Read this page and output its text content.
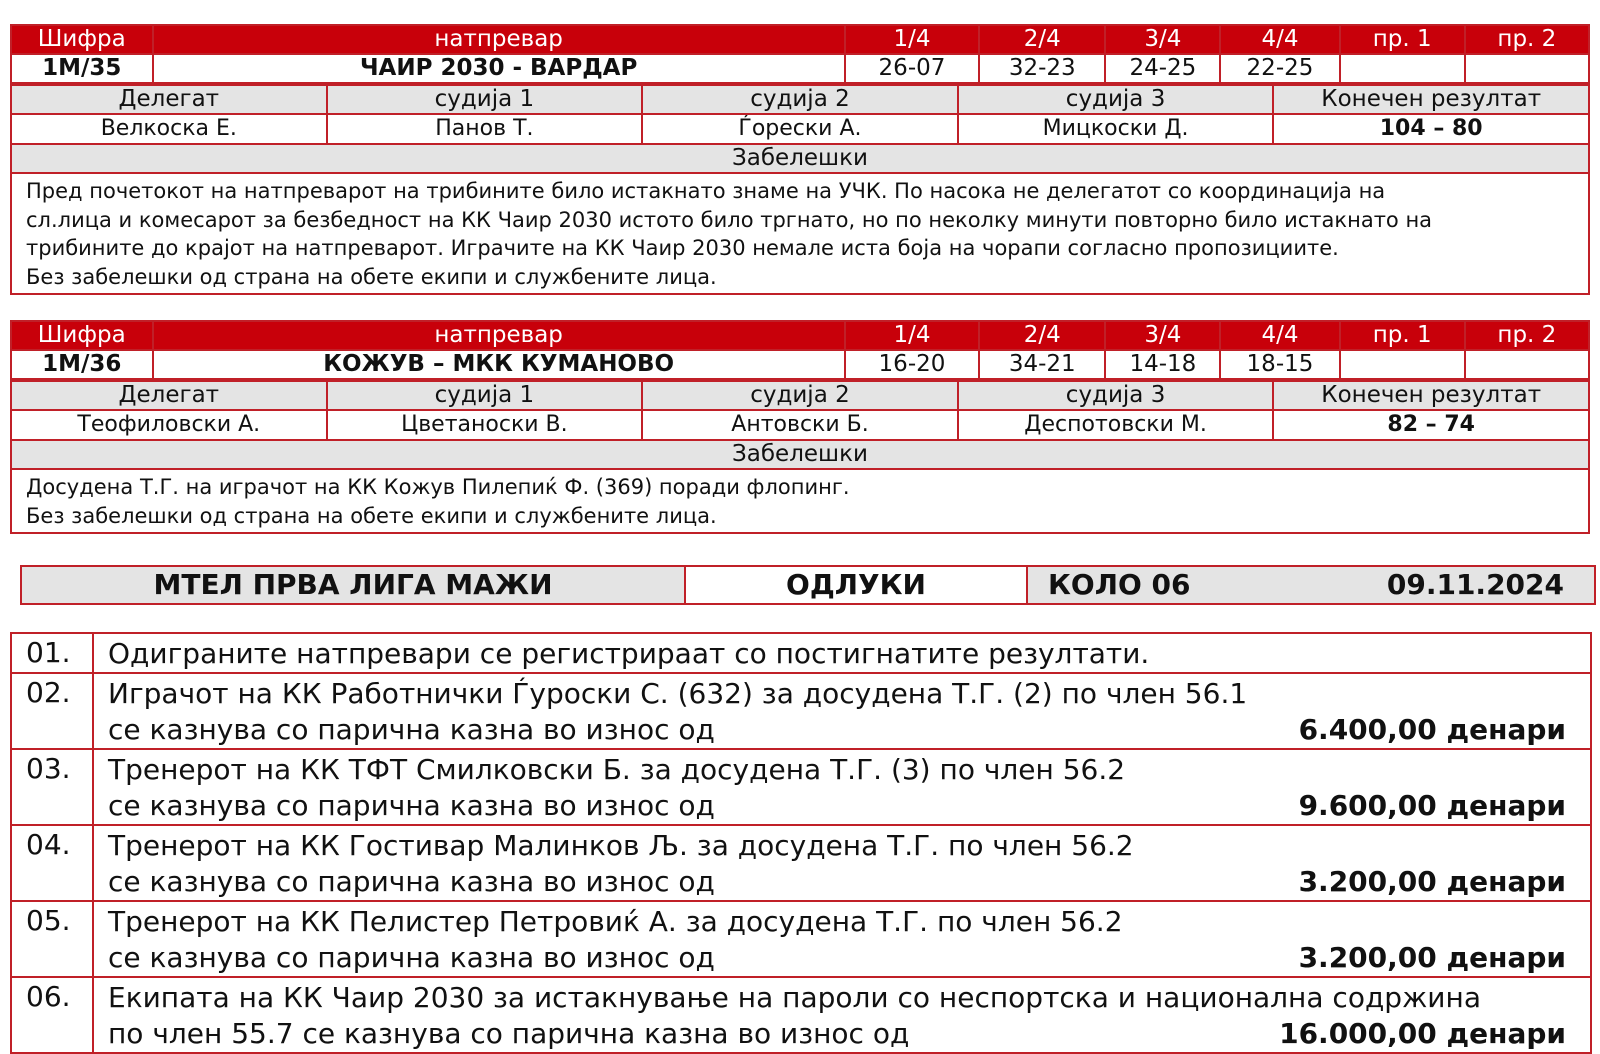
Шифра	натпревар	1/4	2/4	3/4	4/4	пр. 1	пр. 2
1М/35	ЧАИР 2030 - ВАРДАР	26-07	32-23	24-25	22-25		
Делегат	судија 1	судија 2	судија 3	Конечен резултат
Велкоска Е.	Панов Т.	Ѓорески А.	Мицкоски Д.	104 – 80
Забелешки				
Пред почетокот на натпреварот на трибините било истакнато знаме на УЧК. По насока не делегатот со координација на
сл.лица и комесарот за безбедност на КК Чаир 2030 истото било тргнато, но по неколку минути повторно било истакнато на
трибините до крајот на натпреварот. Играчите на КК Чаир 2030 немале иста боја на чорапи согласно пропозициите.
Без забелешки од страна на обете екипи и службените лица.
Шифра	натпревар	1/4	2/4	3/4	4/4	пр. 1	пр. 2
1М/36	КОЖУВ – МКК КУМАНОВО	16-20	34-21	14-18	18-15		
Делегат	судија 1	судија 2	судија 3	Конечен резултат
Теофиловски А.	Цветаноски В.	Антовски Б.	Деспотовски М.	82 – 74
Забелешки				
Досудена Т.Г. на играчот на КК Кожув Пилепиќ Ф. (369) поради флопинг.
Без забелешки од страна на обете екипи и службените лица.
МТЕЛ ПРВА ЛИГА МАЖИ	ОДЛУКИ	КОЛО 06	09.11.2024
01.	Одиграните натпревари се регистрираат со постигнатите резултати.

02.	Играчот на КК Работнички Ѓуроски С. (632) за досудена Т.Г. (2) по член 56.1
се казнува со парична казна во износ од 6.400,00 денари

03.	Тренерот на КК ТФТ Смилковски Б. за досудена Т.Г. (3) по член 56.2
се казнува со парична казна во износ од 9.600,00 денари

04.	Тренерот на КК Гостивар Малинков Љ. за досудена Т.Г. по член 56.2
се казнува со парична казна во износ од 3.200,00 денари

05.	Тренерот на КК Пелистер Петровиќ А. за досудена Т.Г. по член 56.2
се казнува со парична казна во износ од 3.200,00 денари

06.	Екипата на КК Чаир 2030 за истакнување на пароли со неспортска и национална содржина
по член 55.7 се казнува со парична казна во износ од 16.000,00 денари
